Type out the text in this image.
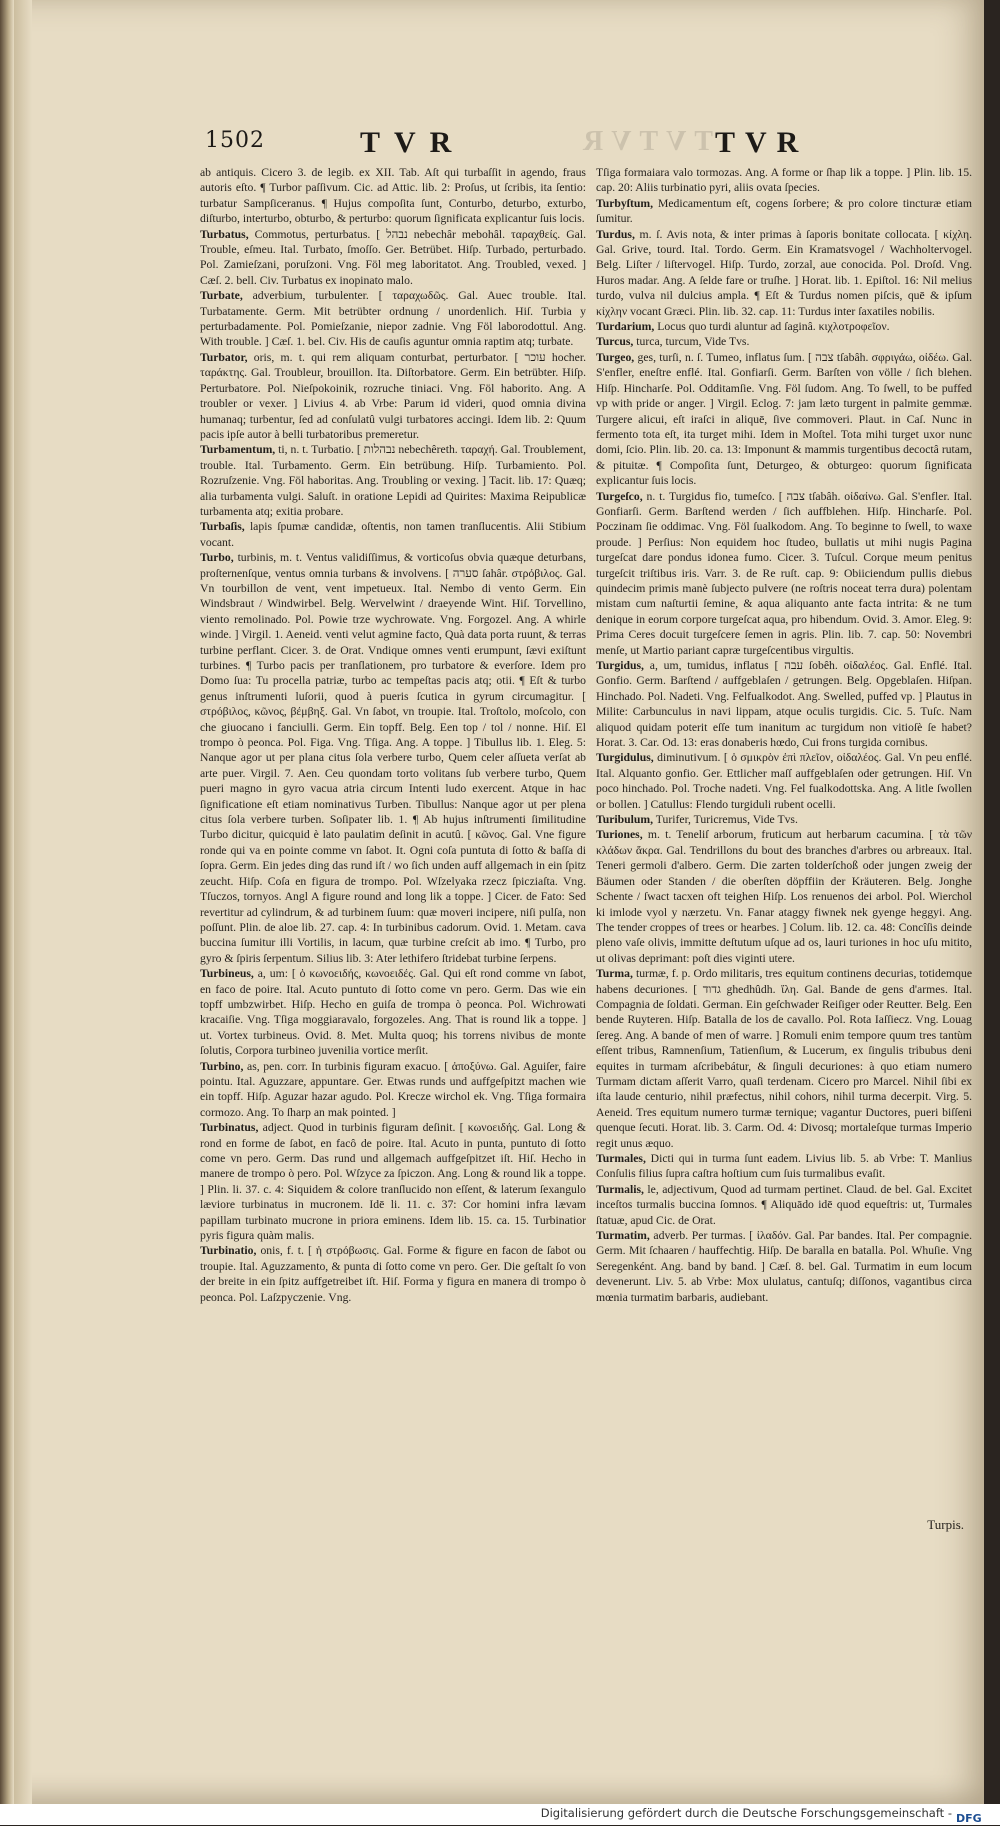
1502	TVR	TVR
TVTVR
ab antiquis. Cicero 3. de legib. ex XII. Tab. Aſt qui turbaſſit in agendo, fraus autoris eſto. ¶ Turbor paſſivum. Cic. ad Attic. lib. 2: Proſus, ut ſcribis, ita ſentio: turbatur Sampſiceranus. ¶ Hujus compoſita ſunt, Conturbo, deturbo, exturbo, diſturbo, interturbo, obturbo, & perturbo: quorum ſignificata explicantur ſuis locis.
Turbatus, Commotus, perturbatus. [ נבהל nebechâr mebohâl. ταραχθείς. Gal. Trouble, eſmeu. Ital. Turbato, ſmoſſo. Ger. Betrübet. Hiſp. Turbado, perturbado. Pol. Zamieſzani, poruſzoni. Vng. Föl meg laboritatot. Ang. Troubled, vexed. ] Cæſ. 2. bell. Civ. Turbatus ex inopinato malo.
Turbate, adverbium, turbulenter. [ ταραχωδῶς. Gal. Auec trouble. Ital. Turbatamente. Germ. Mit betrübter ordnung / unordenlich. Hiſ. Turbia y perturbadamente. Pol. Pomieſzanie, niepor zadnie. Vng Föl laborodottul. Ang. With trouble. ] Cæſ. 1. bel. Civ. His de cauſis aguntur omnia raptim atq; turbate.
Turbator, oris, m. t. qui rem aliquam conturbat, perturbator. [ עוכר hocher. ταράκτης. Gal. Troubleur, brouillon. Ita. Diſtorbatore. Germ. Ein betrübter. Hiſp. Perturbatore. Pol. Nieſpokoinik, rozruche tiniaci. Vng. Föl haborito. Ang. A troubler or vexer. ] Livius 4. ab Vrbe: Parum id videri, quod omnia divina humanaq; turbentur, ſed ad conſulatû vulgi turbatores accingi. Idem lib. 2: Quum pacis ipſe autor à belli turbatoribus premeretur.
Turbamentum, ti, n. t. Turbatio. [ נבהלות nebechêreth. ταραχή. Gal. Troublement, trouble. Ital. Turbamento. Germ. Ein betrübung. Hiſp. Turbamiento. Pol. Rozruſzenie. Vng. Föl haboritas. Ang. Troubling or vexing. ] Tacit. lib. 17: Quæq; alia turbamenta vulgi. Saluſt. in oratione Lepidi ad Quirites: Maxima Reipublicæ turbamenta atq; exitia probare.
Turbaſis, lapis ſpumæ candidæ, oſtentis, non tamen tranſlucentis. Alii Stibium vocant.
Turbo, turbinis, m. t. Ventus validiſſimus, & vorticoſus obvia quæque deturbans, proſternenſque, ventus omnia turbans & involvens. [ סערה ſahâr. στρόβιλος. Gal. Vn tourbillon de vent, vent impetueux. Ital. Nembo di vento Germ. Ein Windsbraut / Windwirbel. Belg. Wervelwint / draeyende Wint. Hiſ. Torvellino, viento remolinado. Pol. Powie trze wychrowate. Vng. Forgozel. Ang. A whirle winde. ] Virgil. 1. Aeneid. venti velut agmine facto, Quà data porta ruunt, & terras turbine perflant. Cicer. 3. de Orat. Vndique omnes venti erumpunt, ſævi exiſtunt turbines. ¶ Turbo pacis per tranſlationem, pro turbatore & everſore. Idem pro Domo ſua: Tu procella patriæ, turbo ac tempeſtas pacis atq; otii. ¶ Eſt & turbo genus inſtrumenti luſorii, quod à pueris ſcutica in gyrum circumagitur. [ στρόβιλος, κῶνος, βέμβηξ. Gal. Vn ſabot, vn troupie. Ital. Troſtolo, moſcolo, con che giuocano i fanciulli. Germ. Ein topff. Belg. Een top / tol / nonne. Hiſ. El trompo ò peonca. Pol. Figa. Vng. Tſiga. Ang. A toppe. ] Tibullus lib. 1. Eleg. 5: Nanque agor ut per plana citus ſola verbere turbo, Quem celer aſſueta verſat ab arte puer. Virgil. 7. Aen. Ceu quondam torto volitans ſub verbere turbo, Quem pueri magno in gyro vacua atria circum Intenti ludo exercent. Atque in hac ſignificatione eſt etiam nominativus Turben. Tibullus: Nanque agor ut per plena citus ſola verbere turben. Soſipater lib. 1. ¶ Ab hujus inſtrumenti ſimilitudine Turbo dicitur, quicquid è lato paulatim deſinit in acutû. [ κῶνος. Gal. Vne figure ronde qui va en pointe comme vn ſabot. It. Ogni coſa puntuta di ſotto & baſſa di ſopra. Germ. Ein jedes ding das rund iſt / wo ſich unden auff allgemach in ein ſpitz zeucht. Hiſp. Coſa en figura de trompo. Pol. Wſzelyaka rzecz ſpicziaſta. Vng. Tſuczos, tornyos. Angl A figure round and long lik a toppe. ] Cicer. de Fato: Sed revertitur ad cylindrum, & ad turbinem ſuum: quæ moveri incipere, niſi pulſa, non poſſunt. Plin. de aloe lib. 27. cap. 4: In turbinibus cadorum. Ovid. 1. Metam. cava buccina ſumitur illi Vortilis, in lacum, quæ turbine creſcit ab imo. ¶ Turbo, pro gyro & ſpiris ſerpentum. Silius lib. 3: Ater lethifero ſtridebat turbine ſerpens.
Turbineus, a, um: [ ὁ κωνοειδής, κωνοειδές. Gal. Qui eſt rond comme vn ſabot, en faco de poire. Ital. Acuto puntuto di ſotto come vn pero. Germ. Das wie ein topff umbzwirbet. Hiſp. Hecho en guiſa de trompa ò peonca. Pol. Wichrowati kracaiſie. Vng. Tſiga moggiaravalo, forgozeles. Ang. That is round lik a toppe. ] ut. Vortex turbineus. Ovid. 8. Met. Multa quoq; his torrens nivibus de monte ſolutis, Corpora turbineo juvenilia vortice merſit.
Turbino, as, pen. corr. In turbinis figuram exacuo. [ ἀποξύνω. Gal. Aguiſer, faire pointu. Ital. Aguzzare, appuntare. Ger. Etwas runds und auffgeſpitzt machen wie ein topff. Hiſp. Aguzar hazar agudo. Pol. Krecze wirchol ek. Vng. Tſiga formaira cormozo. Ang. To ſharp an mak pointed. ]
Turbinatus, adject. Quod in turbinis figuram deſinit. [ κωνοειδής. Gal. Long & rond en forme de ſabot, en facô de poire. Ital. Acuto in punta, puntuto di ſotto come vn pero. Germ. Das rund und allgemach auffgeſpitzet iſt. Hiſ. Hecho in manere de trompo ò pero. Pol. Wſzyce za ſpiczon. Ang. Long & round lik a toppe. ] Plin. li. 37. c. 4: Siquidem & colore tranſlucido non eſſent, & laterum ſexangulo læviore turbinatus in mucronem. Idē li. 11. c. 37: Cor homini infra lævam papillam turbinato mucrone in priora eminens. Idem lib. 15. ca. 15. Turbinatior pyris figura quàm malis.
Turbinatio, onis, f. t. [ ἡ στρόβωσις. Gal. Forme & figure en facon de ſabot ou troupie. Ital. Aguzzamento, & punta di ſotto come vn pero. Ger. Die geſtalt ſo von der breite in ein ſpitz auffgetreibet iſt. Hiſ. Forma y figura en manera di trompo ò peonca. Pol. Laſzpyczenie. Vng.
Tſiga formaiara valo tormozas. Ang. A forme or ſhap lik a toppe. ] Plin. lib. 15. cap. 20: Aliis turbinatio pyri, aliis ovata ſpecies.
Turbyſtum, Medicamentum eſt, cogens ſorbere; & pro colore tincturæ etiam ſumitur.
Turdus, m. ſ. Avis nota, & inter primas à ſaporis bonitate collocata. [ κίχλη. Gal. Grive, tourd. Ital. Tordo. Germ. Ein Kramatsvogel / Wachholtervogel. Belg. Liſter / liſtervogel. Hiſp. Turdo, zorzal, aue conocida. Pol. Droſd. Vng. Huros madar. Ang. A ſelde fare or truſhe. ] Horat. lib. 1. Epiſtol. 16: Nil melius turdo, vulva nil dulcius ampla. ¶ Eſt & Turdus nomen piſcis, quē & ipſum κίχλην vocant Græci. Plin. lib. 32. cap. 11: Turdus inter ſaxatiles nobilis.
Turdarium, Locus quo turdi aluntur ad ſaginâ. κιχλοτροφεῖον.
Turcus, turca, turcum, Vide Tvs.
Turgeo, ges, turſi, n. ſ. Tumeo, inflatus ſum. [ צבה tſabâh. σφριγάω, οἰδέω. Gal. S'enfler, eneſtre enflé. Ital. Gonfiarſi. Germ. Barſten von völle / ſich blehen. Hiſp. Hincharſe. Pol. Odditamſie. Vng. Föl ſudom. Ang. To ſwell, to be puffed vp with pride or anger. ] Virgil. Eclog. 7: jam læto turgent in palmite gemmæ. Turgere alicui, eſt iraſci in aliquē, ſive commoveri. Plaut. in Caſ. Nunc in fermento tota eſt, ita turget mihi. Idem in Moſtel. Tota mihi turget uxor nunc domi, ſcio. Plin. lib. 20. ca. 13: Imponunt & mammis turgentibus decoctâ rutam, & pituitæ. ¶ Compoſita ſunt, Deturgeo, & obturgeo: quorum ſignificata explicantur ſuis locis.
Turgeſco, n. t. Turgidus fio, tumeſco. [ צבה tſabâh. οἰδαίνω. Gal. S'enfler. Ital. Gonfiarſi. Germ. Barſtend werden / ſich auffblehen. Hiſp. Hincharſe. Pol. Poczinam ſie oddimac. Vng. Föl ſualkodom. Ang. To beginne to ſwell, to waxe proude. ] Perſius: Non equidem hoc ſtudeo, bullatis ut mihi nugis Pagina turgeſcat dare pondus idonea fumo. Cicer. 3. Tuſcul. Corque meum penitus turgeſcit triſtibus iris. Varr. 3. de Re ruſt. cap. 9: Obiiciendum pullis diebus quindecim primis manè ſubjecto pulvere (ne roſtris noceat terra dura) polentam mistam cum naſturtii ſemine, & aqua aliquanto ante facta intrita: & ne tum denique in eorum corpore turgeſcat aqua, pro hibendum. Ovid. 3. Amor. Eleg. 9: Prima Ceres docuit turgeſcere ſemen in agris. Plin. lib. 7. cap. 50: Novembri menſe, ut Martio pariant capræ turgeſcentibus virgultis.
Turgidus, a, um, tumidus, inflatus [ עבה ſobêh. οἰδαλέος. Gal. Enflé. Ital. Gonfio. Germ. Barſtend / auffgeblaſen / getrungen. Belg. Opgeblaſen. Hiſpan. Hinchado. Pol. Nadeti. Vng. Felfualkodot. Ang. Swelled, puffed vp. ] Plautus in Milite: Carbunculus in navi lippam, atque oculis turgidis. Cic. 5. Tuſc. Nam aliquod quidam poterit eſſe tum inanitum ac turgidum non vitioſè ſe habet? Horat. 3. Car. Od. 13: eras donaberis hœdo, Cui frons turgida cornibus.
Turgidulus, diminutivum. [ ὁ σμικρὸν ἐπὶ πλεῖον, οἰδαλέος. Gal. Vn peu enflé. Ital. Alquanto gonfio. Ger. Ettlicher maſſ auffgeblaſen oder getrungen. Hiſ. Vn poco hinchado. Pol. Troche nadeti. Vng. Fel fualkodottska. Ang. A litle ſwollen or bollen. ] Catullus: Flendo turgiduli rubent ocelli.
Turibulum, Turifer, Turicremus, Vide Tvs.
Turiones, m. t. Teneliſ arborum, fruticum aut herbarum cacumina. [ τὰ τῶν κλάδων ἄκρα. Gal. Tendrillons du bout des branches d'arbres ou arbreaux. Ital. Teneri germoli d'albero. Germ. Die zarten tolderſchoß oder jungen zweig der Bäumen oder Standen / die oberſten döpffiin der Kräuteren. Belg. Jonghe Schente / ſwact tacxen oft teighen Hiſp. Los renuenos dei arbol. Pol. Wierchol ki imlode vyol y nærzetu. Vn. Fanar ataggy fiwnek nek gyenge heggyi. Ang. The tender croppes of trees or hearbes. ] Colum. lib. 12. ca. 48: Concîſis deinde pleno vaſe olivis, immitte deſtutum uſque ad os, lauri turiones in hoc uſu mitito, ut olivas deprimant: poſt dies viginti utere.
Turma, turmæ, f. p. Ordo militaris, tres equitum continens decurias, totidemque habens decuriones. [ גדוד ghedhûdh. ἴλη. Gal. Bande de gens d'armes. Ital. Compagnia de ſoldati. German. Ein geſchwader Reiſiger oder Reutter. Belg. Een bende Ruyteren. Hiſp. Batalla de los de cavallo. Pol. Rota Iaſſiecz. Vng. Louag ſereg. Ang. A bande of men of warre. ] Romuli enim tempore quum tres tantùm eſſent tribus, Ramnenſium, Tatienſium, & Lucerum, ex ſingulis tribubus deni equites in turmam aſcribebátur, & ſinguli decuriones: à quo etiam numero Turmam dictam aſſerit Varro, quaſi terdenam. Cicero pro Marcel. Nihil ſibi ex iſta laude centurio, nihil præfectus, nihil cohors, nihil turma decerpit. Virg. 5. Aeneid. Tres equitum numero turmæ ternique; vagantur Ductores, pueri biſſeni quenque ſecuti. Horat. lib. 3. Carm. Od. 4: Divosq; mortaleſque turmas Imperio regit unus æquo.
Turmales, Dicti qui in turma ſunt eadem. Livius lib. 5. ab Vrbe: T. Manlius Conſulis filius ſupra caſtra hoſtium cum ſuis turmalibus evaſit.
Turmalis, le, adjectivum, Quod ad turmam pertinet. Claud. de bel. Gal. Excitet inceſtos turmalis buccina ſomnos. ¶ Aliquādo idē quod equeſtris: ut, Turmales ſtatuæ, apud Cic. de Orat.
Turmatim, adverb. Per turmas. [ ἰλαδόν. Gal. Par bandes. Ital. Per compagnie. Germ. Mit ſchaaren / hauffechtig. Hiſp. De baralla en batalla. Pol. Whuſie. Vng Seregenként. Ang. band by band. ] Cæſ. 8. bel. Gal. Turmatim in eum locum devenerunt. Liv. 5. ab Vrbe: Mox ululatus, cantuſq; diſſonos, vagantibus circa mœnia turmatim barbaris, audiebant.
Turpis.
Digitalisierung gefördert durch die Deutsche Forschungsgemeinschaft - DFG
